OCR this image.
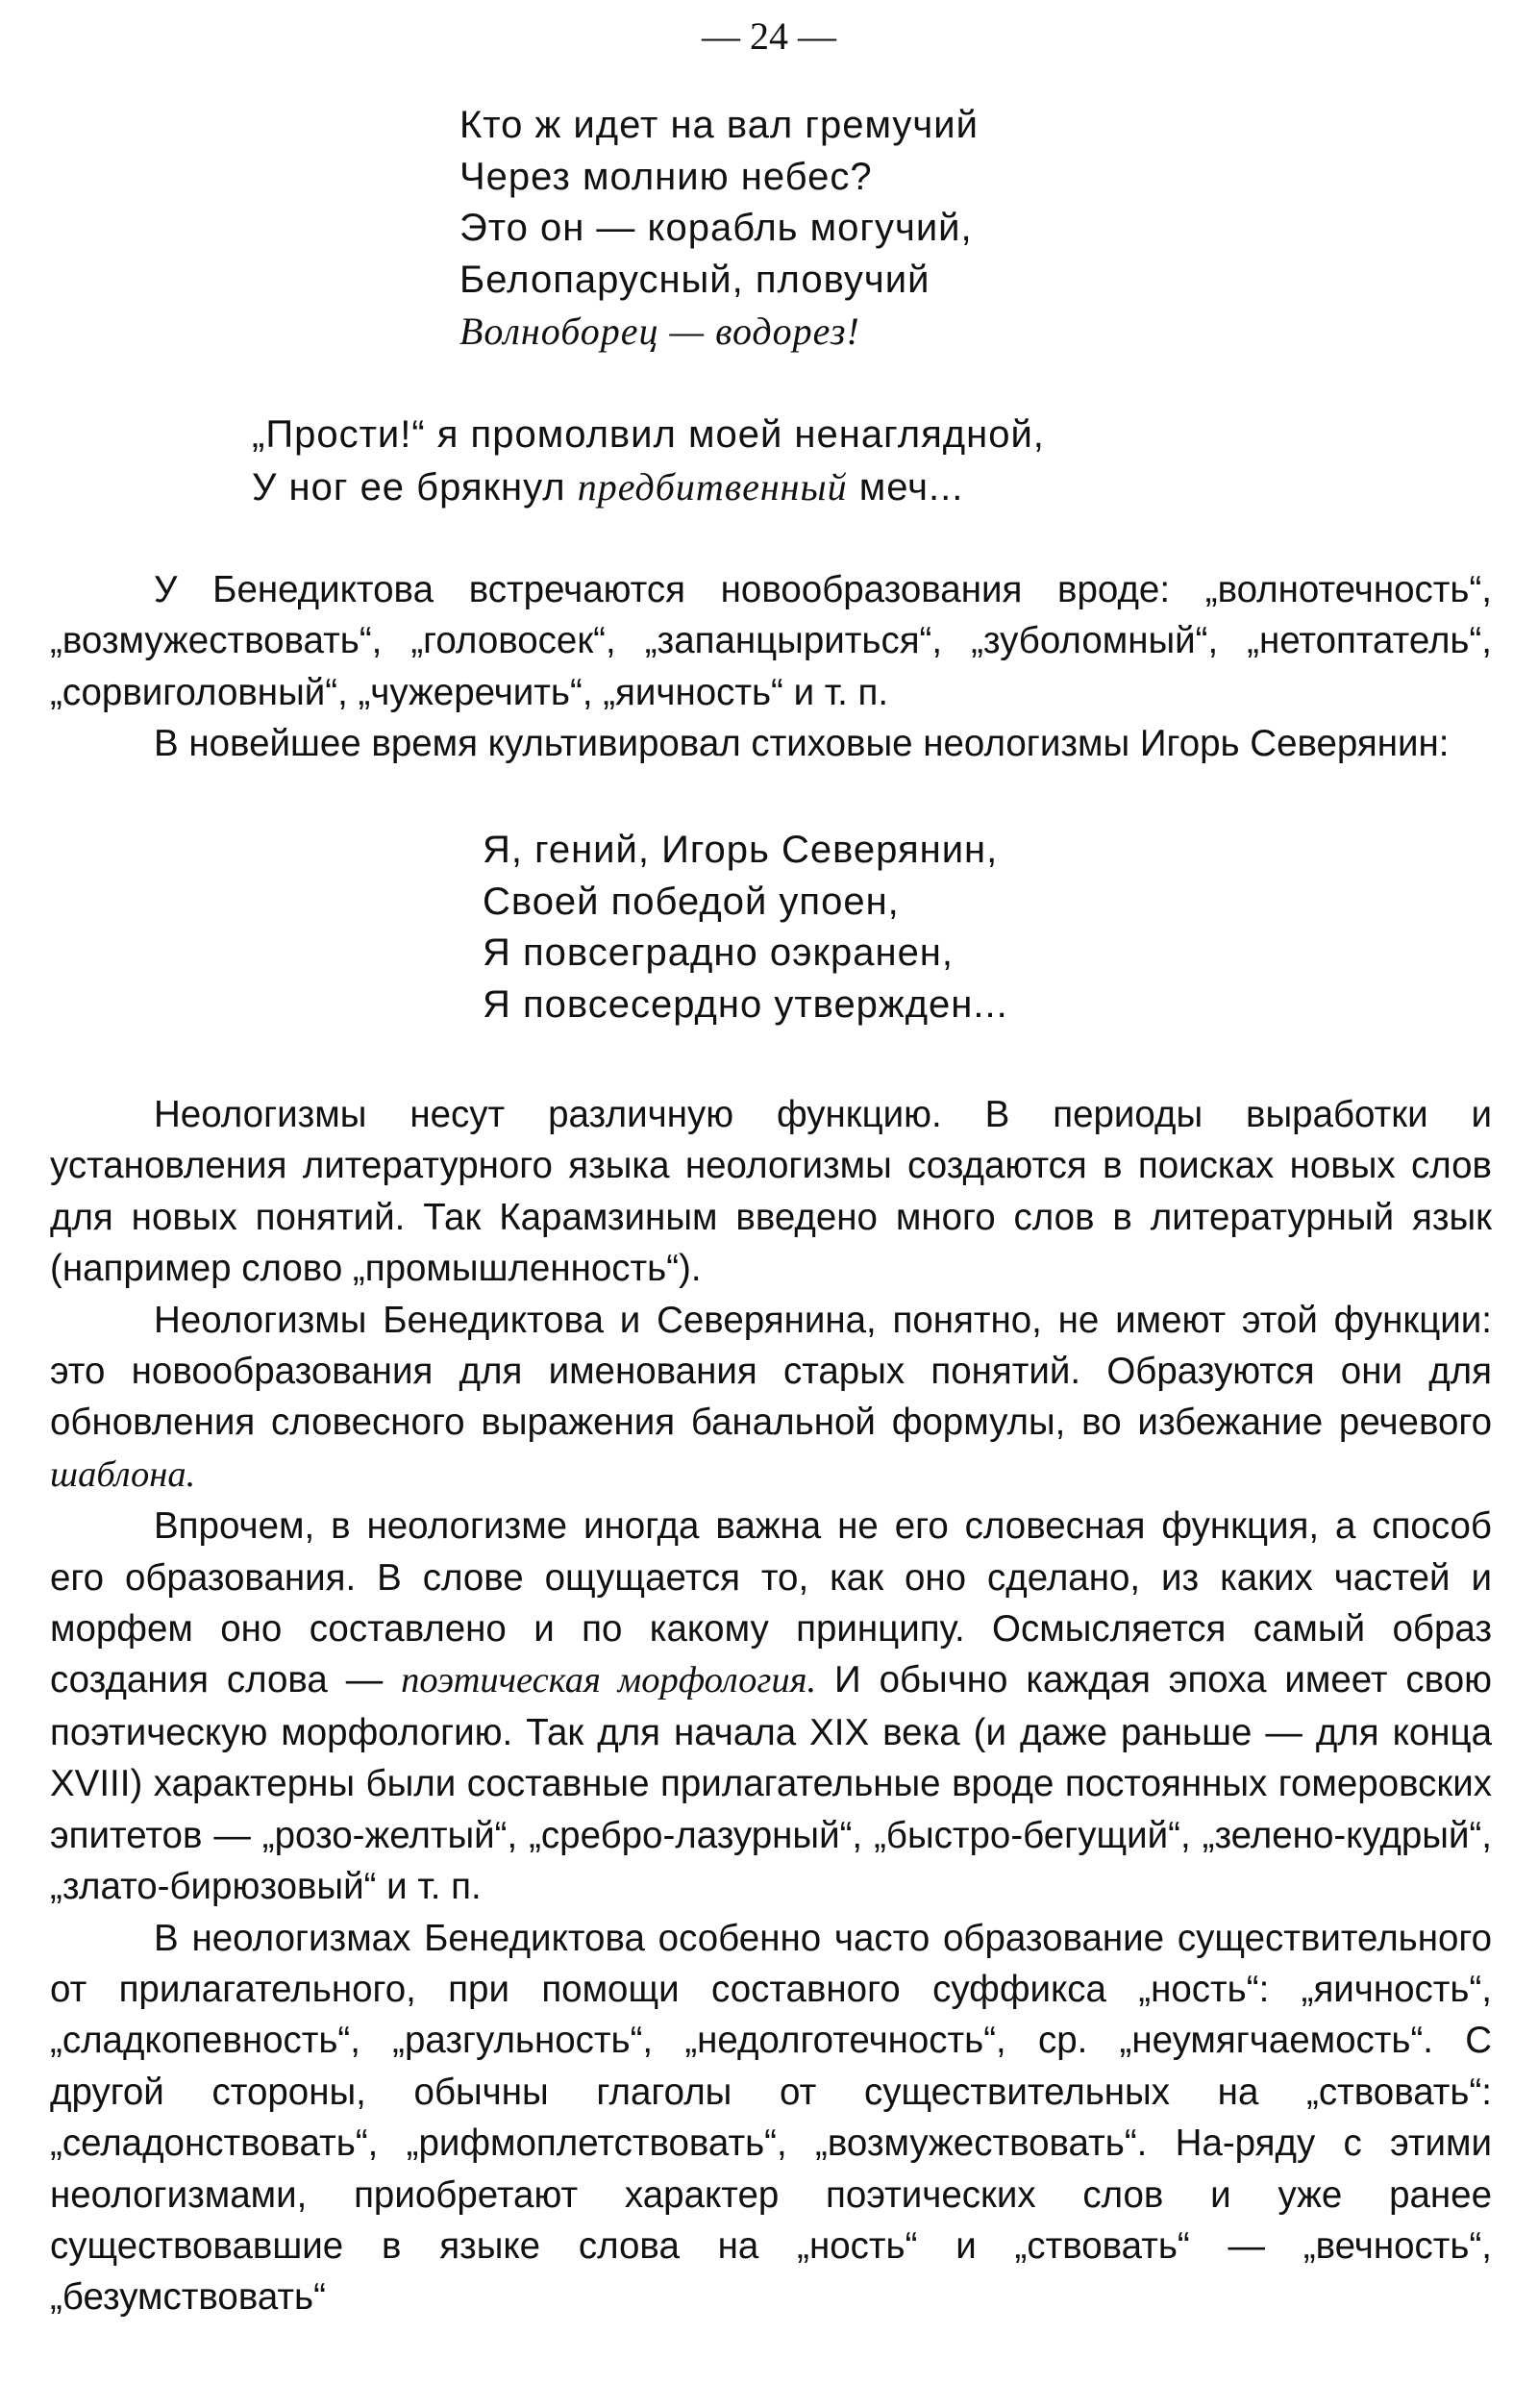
— 24 —
Кто ж идет на вал гремучий
Через молнию небес?
Это он — корабль могучий,
Белопарусный, пловучий
Волноборец — водорез!
„Прости!“ я промолвил моей ненаглядной,
У ног ее брякнул предбитвенный меч...

У Бенедиктова встречаются новообразования вроде: „волнотечность“, „возмужествовать“, „головосек“, „запанцыриться“, „зуболомный“, „нетоптатель“, „сорвиголовный“, „чужеречить“, „яичность“ и т. п.

В новейшее время культивировал стиховые неологизмы Игорь Северянин:

Я, гений, Игорь Северянин,
Своей победой упоен,
Я повсеградно оэкранен,
Я повсесердно утвержден...

Неологизмы несут различную функцию. В периоды выработки и установления литературного языка неологизмы создаются в поисках новых слов для новых понятий. Так Карамзиным введено много слов в литературный язык (например слово „промышленность“).

Неологизмы Бенедиктова и Северянина, понятно, не имеют этой функции: это новообразования для именования старых понятий. Образуются они для обновления словесного выражения банальной формулы, во избежание речевого шаблона.

Впрочем, в неологизме иногда важна не его словесная функция, а способ его образования. В слове ощущается то, как оно сделано, из каких частей и морфем оно составлено и по какому принципу. Осмысляется самый образ создания слова — поэтическая морфология. И обычно каждая эпоха имеет свою поэтическую морфологию. Так для начала XIX века (и даже раньше — для конца XVIII) характерны были составные прилагательные вроде постоянных гомеровских эпитетов — „розо-желтый“, „сребро-лазурный“, „быстро-бегущий“, „зелено-кудрый“, „злато-бирюзовый“ и т. п.

В неологизмах Бенедиктова особенно часто образование существительного от прилагательного, при помощи составного суффикса „ность“: „яичность“, „сладкопевность“, „разгульность“, „недолготечность“, ср. „неумягчаемость“. С другой стороны, обычны глаголы от существительных на „ствовать“: „селадонствовать“, „рифмоплетствовать“, „возмужествовать“. На-ряду с этими неологизмами, приобретают характер поэтических слов и уже ранее существовавшие в языке слова на „ность“ и „ствовать“ — „вечность“, „безумствовать“
